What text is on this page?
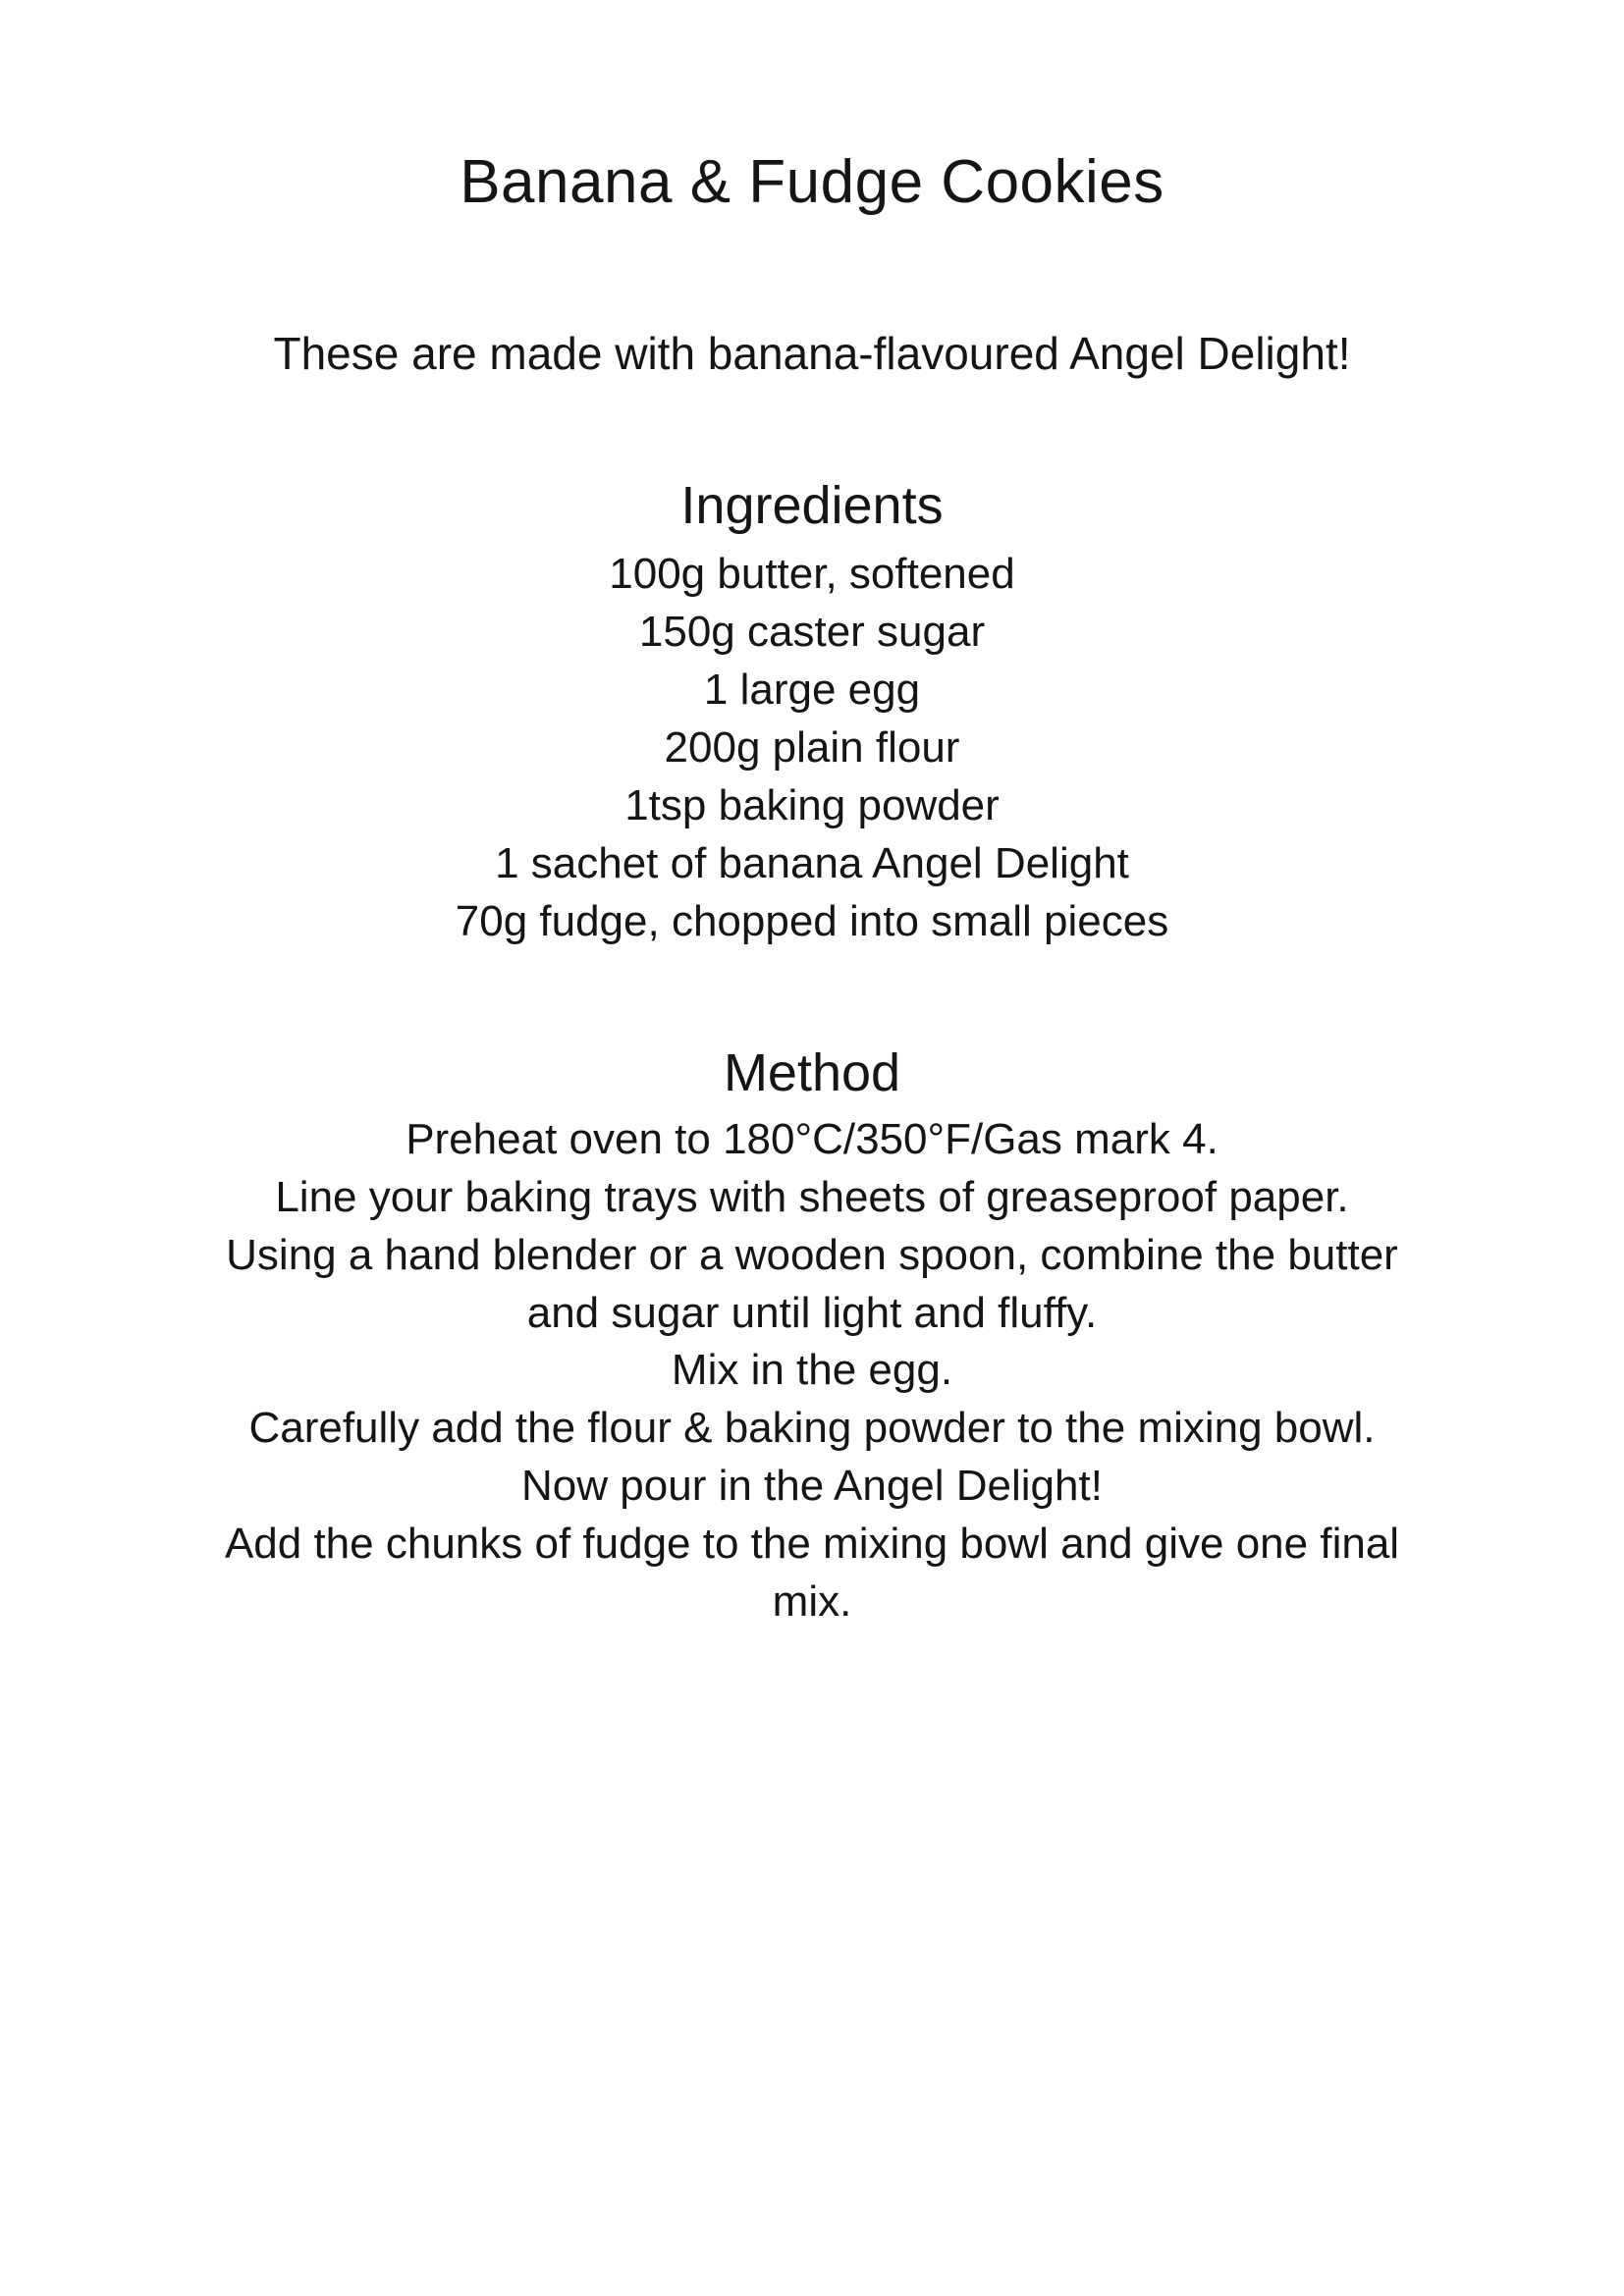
Banana & Fudge Cookies

These are made with banana-flavoured Angel Delight!

Ingredients
100g butter, softened
150g caster sugar
1 large egg
200g plain flour
1tsp baking powder
1 sachet of banana Angel Delight
70g fudge, chopped into small pieces
Method
Preheat oven to 180°C/350°F/Gas mark 4.
Line your baking trays with sheets of greaseproof paper.
Using a hand blender or a wooden spoon, combine the butter and sugar until light and fluffy.
Mix in the egg.
Carefully add the flour & baking powder to the mixing bowl.
Now pour in the Angel Delight!
Add the chunks of fudge to the mixing bowl and give one final mix.
